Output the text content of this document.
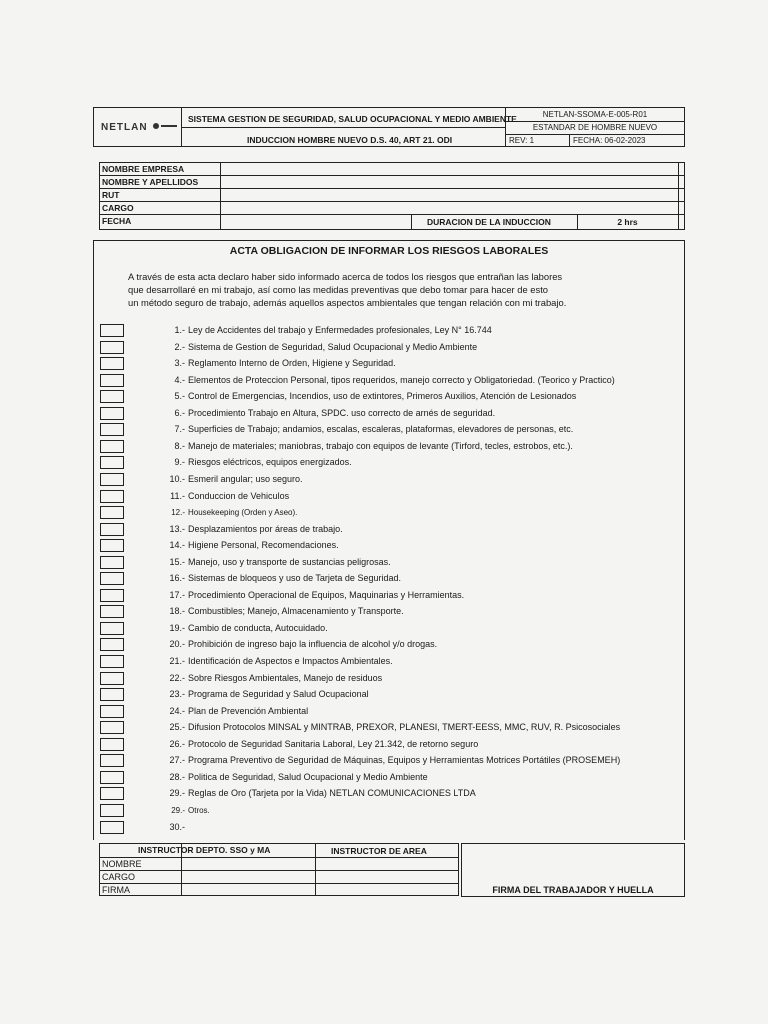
NETLAN
SISTEMA GESTION DE SEGURIDAD, SALUD OCUPACIONAL Y MEDIO AMBIENTE
INDUCCION HOMBRE NUEVO D.S. 40, ART 21. ODI
NETLAN-SSOMA-E-005-R01
ESTANDAR DE HOMBRE NUEVO
REV: 1	FECHA: 06-02-2023
NOMBRE EMPRESA
NOMBRE Y APELLIDOS
RUT
CARGO
FECHA	DURACION DE LA INDUCCION	2 hrs
ACTA OBLIGACION DE INFORMAR LOS RIESGOS LABORALES
A través de esta acta declaro haber sido informado acerca de todos los riesgos que entrañan las labores
que desarrollaré en mi trabajo, así como las medidas preventivas que debo tomar para hacer de esto
un método seguro de trabajo, además aquellos aspectos ambientales que tengan relación con mi trabajo.
1.- Ley de Accidentes del trabajo y Enfermedades profesionales, Ley N° 16.744
2.- Sistema de Gestion de Seguridad, Salud Ocupacional y Medio Ambiente
3.- Reglamento Interno de Orden, Higiene y Seguridad.
4.- Elementos de Proteccion Personal, tipos requeridos, manejo correcto y Obligatoriedad. (Teorico y Practico)
5.- Control de Emergencias, Incendios, uso de extintores, Primeros Auxilios, Atención de Lesionados
6.- Procedimiento Trabajo en Altura, SPDC. uso correcto de arnés de seguridad.
7.- Superficies de Trabajo; andamios, escalas, escaleras, plataformas, elevadores de personas, etc.
8.- Manejo de materiales; maniobras, trabajo con equipos de levante (Tirford, tecles, estrobos, etc.).
9.- Riesgos eléctricos, equipos energizados.
10.- Esmeril angular; uso seguro.
11.- Conduccion de Vehiculos
12.- Housekeeping (Orden y Aseo).
13.- Desplazamientos por áreas de trabajo.
14.- Higiene Personal, Recomendaciones.
15.- Manejo, uso y transporte de sustancias peligrosas.
16.- Sistemas de bloqueos y uso de Tarjeta de Seguridad.
17.- Procedimiento Operacional de Equipos, Maquinarias y Herramientas.
18.- Combustibles; Manejo, Almacenamiento y Transporte.
19.- Cambio de conducta, Autocuidado.
20.- Prohibición de ingreso bajo la influencia de alcohol y/o drogas.
21.- Identificación de Aspectos e Impactos Ambientales.
22.- Sobre Riesgos Ambientales, Manejo de residuos
23.- Programa de Seguridad y Salud Ocupacional
24.- Plan de Prevención Ambiental
25.- Difusion Protocolos MINSAL y MINTRAB, PREXOR, PLANESI, TMERT-EESS, MMC, RUV, R. Psicosociales
26.- Protocolo de Seguridad Sanitaria Laboral, Ley 21.342, de retorno seguro
27.- Programa Preventivo de Seguridad de Máquinas, Equipos y Herramientas Motrices Portátiles (PROSEMEH)
28.- Politica de Seguridad, Salud Ocupacional y Medio Ambiente
29.- Reglas de Oro (Tarjeta por la Vida) NETLAN COMUNICACIONES LTDA
29.- Otros.
30.-
INSTRUCTOR DEPTO. SSO y MA	INSTRUCTOR DE AREA
NOMBRE
CARGO
FIRMA	FIRMA DEL TRABAJADOR Y HUELLA
